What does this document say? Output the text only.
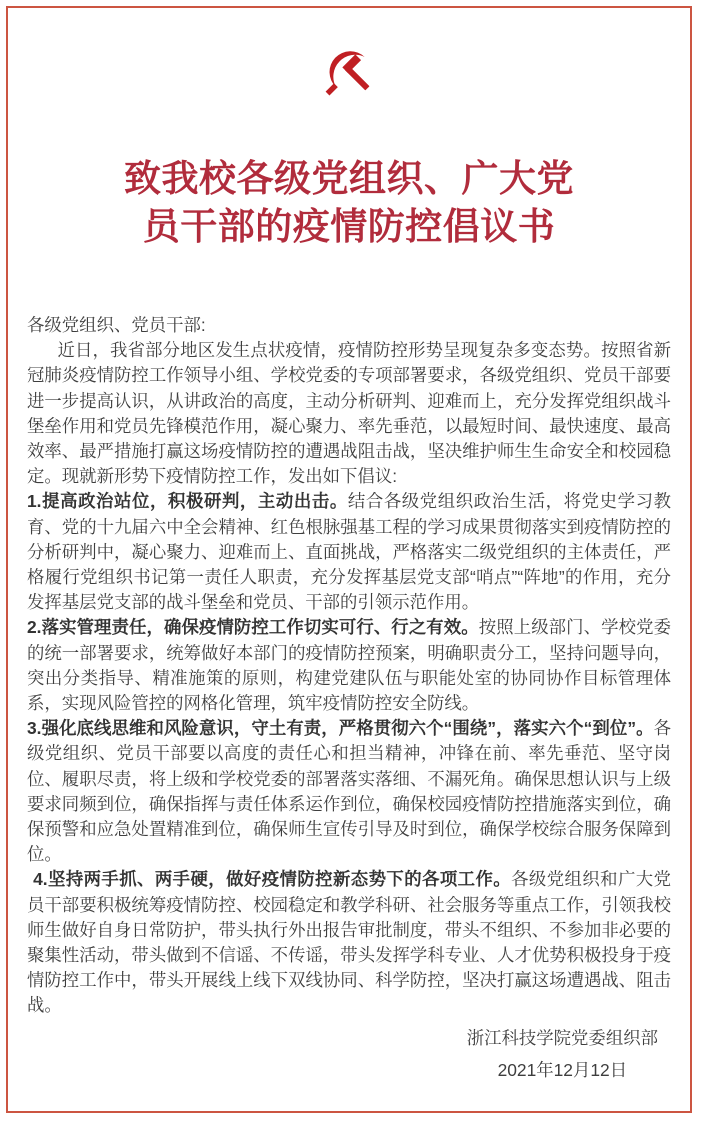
致我校各级党组织、广大党
员干部的疫情防控倡议书
各级党组织、党员干部:
近日，我省部分地区发生点状疫情，疫情防控形势呈现复杂多变态势。按照省新冠肺炎疫情防控工作领导小组、学校党委的专项部署要求，各级党组织、党员干部要进一步提高认识，从讲政治的高度，主动分析研判、迎难而上，充分发挥党组织战斗堡垒作用和党员先锋模范作用，凝心聚力、率先垂范，以最短时间、最快速度、最高效率、最严措施打赢这场疫情防控的遭遇战阻击战，坚决维护师生生命安全和校园稳定。现就新形势下疫情防控工作，发出如下倡议:
1.提高政治站位，积极研判，主动出击。结合各级党组织政治生活，将党史学习教育、党的十九届六中全会精神、红色根脉强基工程的学习成果贯彻落实到疫情防控的分析研判中，凝心聚力、迎难而上、直面挑战，严格落实二级党组织的主体责任，严格履行党组织书记第一责任人职责，充分发挥基层党支部“哨点”“阵地”的作用，充分发挥基层党支部的战斗堡垒和党员、干部的引领示范作用。
2.落实管理责任，确保疫情防控工作切实可行、行之有效。按照上级部门、学校党委的统一部署要求，统筹做好本部门的疫情防控预案，明确职责分工，坚持问题导向，突出分类指导、精准施策的原则，构建党建队伍与职能处室的协同协作目标管理体系，实现风险管控的网格化管理，筑牢疫情防控安全防线。
3.强化底线思维和风险意识，守土有责，严格贯彻六个“围绕”，落实六个“到位”。各级党组织、党员干部要以高度的责任心和担当精神，冲锋在前、率先垂范、坚守岗位、履职尽责，将上级和学校党委的部署落实落细、不漏死角。确保思想认识与上级要求同频到位，确保指挥与责任体系运作到位，确保校园疫情防控措施落实到位，确保预警和应急处置精准到位，确保师生宣传引导及时到位，确保学校综合服务保障到位。
4.坚持两手抓、两手硬，做好疫情防控新态势下的各项工作。各级党组织和广大党员干部要积极统筹疫情防控、校园稳定和教学科研、社会服务等重点工作，引领我校师生做好自身日常防护，带头执行外出报告审批制度，带头不组织、不参加非必要的聚集性活动，带头做到不信谣、不传谣，带头发挥学科专业、人才优势积极投身于疫情防控工作中，带头开展线上线下双线协同、科学防控，坚决打赢这场遭遇战、阻击战。
浙江科技学院党委组织部
2021年12月12日
